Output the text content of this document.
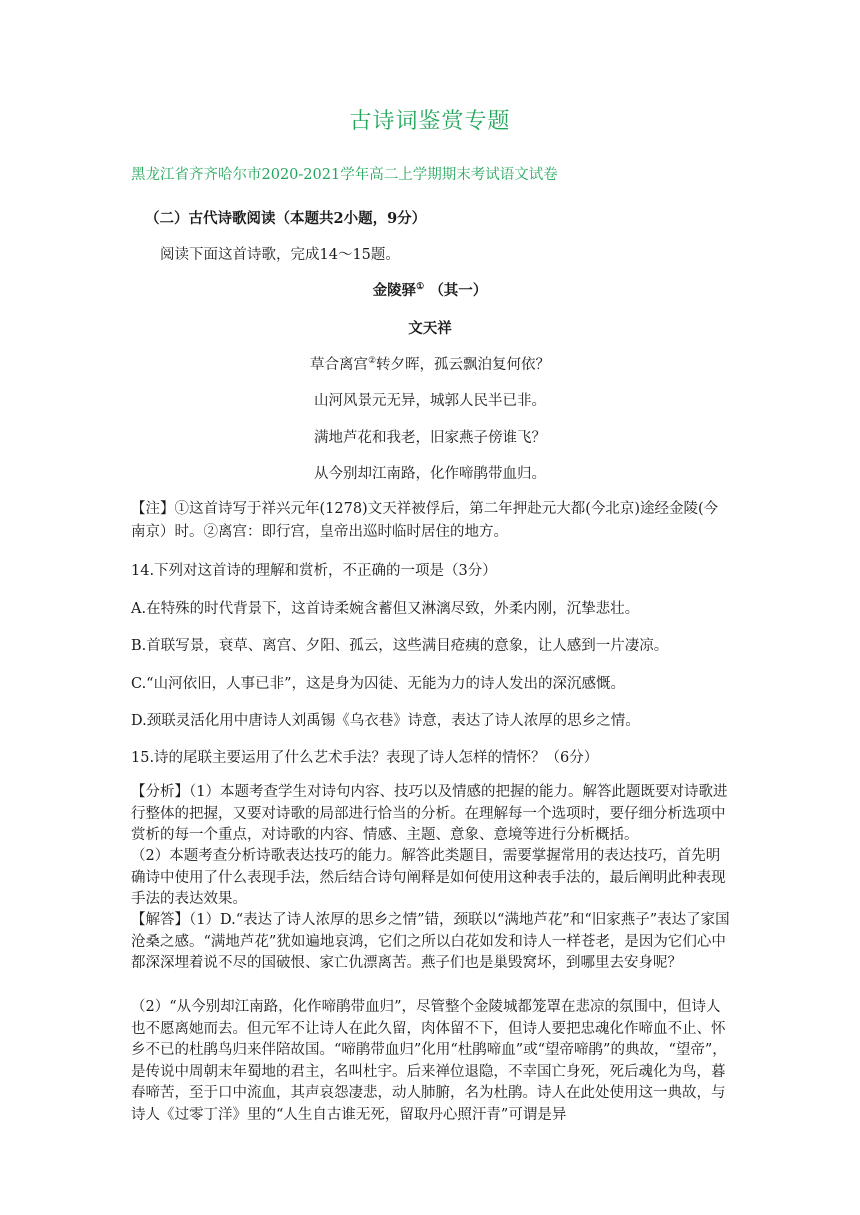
古诗词鉴赏专题
黑龙江省齐齐哈尔市2020-2021学年高二上学期期末考试语文试卷
（二）古代诗歌阅读（本题共2小题，9分）
阅读下面这首诗歌，完成14～15题。
金陵驿① （其一）
文天祥
草合离宫②转夕晖，孤云飘泊复何依？
山河风景元无异，城郭人民半已非。
满地芦花和我老，旧家燕子傍谁飞？
从今别却江南路，化作啼鹃带血归。
【注】①这首诗写于祥兴元年(1278)文天祥被俘后，第二年押赴元大都(今北京)途经金陵(今南京）时。②离宫：即行宫，皇帝出巡时临时居住的地方。
14.下列对这首诗的理解和赏析，不正确的一项是（3分）
A.在特殊的时代背景下，这首诗柔婉含蓄但又淋漓尽致，外柔内刚，沉挚悲壮。
B.首联写景，衰草、离宫、夕阳、孤云，这些满目疮痍的意象，让人感到一片凄凉。
C.“山河依旧，人事已非”，这是身为囚徒、无能为力的诗人发出的深沉感慨。
D.颈联灵活化用中唐诗人刘禹锡《乌衣巷》诗意，表达了诗人浓厚的思乡之情。
15.诗的尾联主要运用了什么艺术手法？表现了诗人怎样的情怀？（6分）
【分析】（1）本题考查学生对诗句内容、技巧以及情感的把握的能力。解答此题既要对诗歌进行整体的把握，又要对诗歌的局部进行恰当的分析。在理解每一个选项时，要仔细分析选项中赏析的每一个重点，对诗歌的内容、情感、主题、意象、意境等进行分析概括。
（2）本题考查分析诗歌表达技巧的能力。解答此类题目，需要掌握常用的表达技巧，首先明确诗中使用了什么表现手法，然后结合诗句阐释是如何使用这种表手法的，最后阐明此种表现手法的表达效果。
【解答】（1）D.“表达了诗人浓厚的思乡之情”错，颈联以“满地芦花”和“旧家燕子”表达了家国沧桑之感。“满地芦花”犹如遍地哀鸿，它们之所以白花如发和诗人一样苍老，是因为它们心中都深深埋着说不尽的国破恨、家亡仇漂离苦。燕子们也是巢毁窝坏，到哪里去安身呢？
（2）“从今别却江南路，化作啼鹃带血归”，尽管整个金陵城都笼罩在悲凉的氛围中，但诗人也不愿离她而去。但元军不让诗人在此久留，肉体留不下，但诗人要把忠魂化作啼血不止、怀乡不已的杜鹃鸟归来伴陪故国。“啼鹃带血归”化用“杜鹃啼血”或“望帝啼鹃”的典故，“望帝”，是传说中周朝末年蜀地的君主，名叫杜宇。后来禅位退隐，不幸国亡身死，死后魂化为鸟，暮春啼苦，至于口中流血，其声哀怨凄悲，动人肺腑，名为杜鹃。诗人在此处使用这一典故，与诗人《过零丁洋》里的“人生自古谁无死，留取丹心照汗青”可谓是异
